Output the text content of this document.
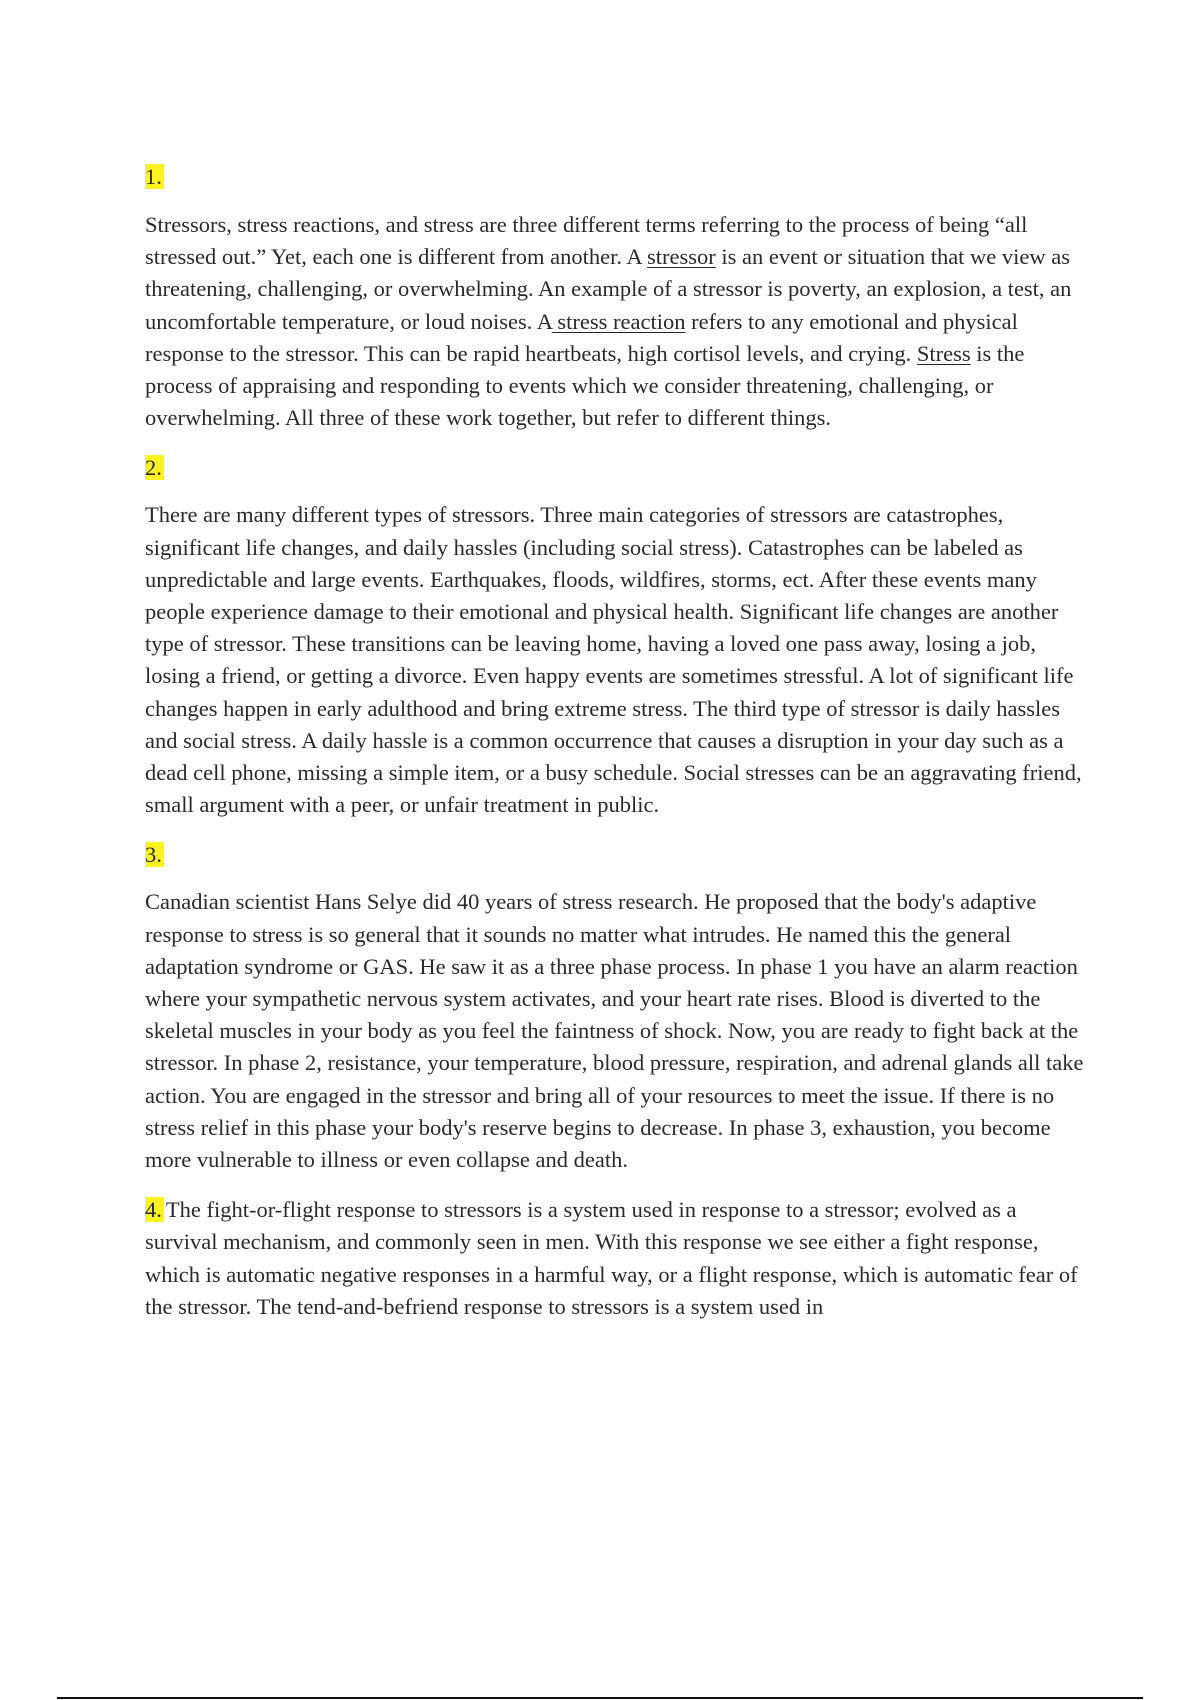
1.

Stressors, stress reactions, and stress are three different terms referring to the process of being “all stressed out.” Yet, each one is different from another. A stressor is an event or situation that we view as threatening, challenging, or overwhelming. An example of a stressor is poverty, an explosion, a test, an uncomfortable temperature, or loud noises. A stress reaction refers to any emotional and physical response to the stressor. This can be rapid heartbeats, high cortisol levels, and crying. Stress is the process of appraising and responding to events which we consider threatening, challenging, or overwhelming. All three of these work together, but refer to different things.

2.

There are many different types of stressors. Three main categories of stressors are catastrophes, significant life changes, and daily hassles (including social stress). Catastrophes can be labeled as unpredictable and large events. Earthquakes, floods, wildfires, storms, ect. After these events many people experience damage to their emotional and physical health. Significant life changes are another type of stressor. These transitions can be leaving home, having a loved one pass away, losing a job, losing a friend, or getting a divorce. Even happy events are sometimes stressful. A lot of significant life changes happen in early adulthood and bring extreme stress. The third type of stressor is daily hassles and social stress. A daily hassle is a common occurrence that causes a disruption in your day such as a dead cell phone, missing a simple item, or a busy schedule. Social stresses can be an aggravating friend, small argument with a peer, or unfair treatment in public.

3.

Canadian scientist Hans Selye did 40 years of stress research. He proposed that the body's adaptive response to stress is so general that it sounds no matter what intrudes. He named this the general adaptation syndrome or GAS. He saw it as a three phase process. In phase 1 you have an alarm reaction where your sympathetic nervous system activates, and your heart rate rises. Blood is diverted to the skeletal muscles in your body as you feel the faintness of shock. Now, you are ready to fight back at the stressor. In phase 2, resistance, your temperature, blood pressure, respiration, and adrenal glands all take action. You are engaged in the stressor and bring all of your resources to meet the issue. If there is no stress relief in this phase your body's reserve begins to decrease. In phase 3, exhaustion, you become more vulnerable to illness or even collapse and death.

4. The fight-or-flight response to stressors is a system used in response to a stressor; evolved as a survival mechanism, and commonly seen in men. With this response we see either a fight response, which is automatic negative responses in a harmful way, or a flight response, which is automatic fear of the stressor. The tend-and-befriend response to stressors is a system used in
